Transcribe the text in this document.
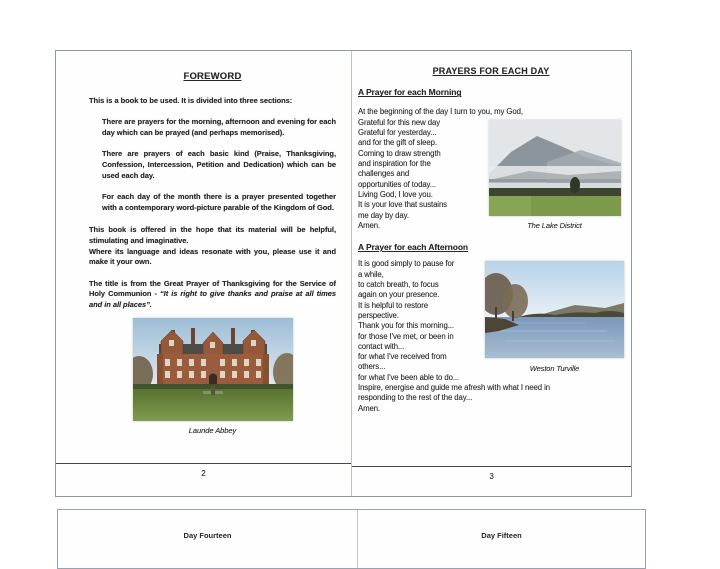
FOREWORD

This is a book to be used. It is divided into three sections:

There are prayers for the morning, afternoon and evening for each day which can be prayed (and perhaps memorised).

There are prayers of each basic kind (Praise, Thanksgiving, Confession, Intercession, Petition and Dedication) which can be used each day.

For each day of the month there is a prayer presented together with a contemporary word-picture parable of the Kingdom of God.

This book is offered in the hope that its material will be helpful, stimulating and imaginative.
Where its language and ideas resonate with you, please use it and make it your own.

The title is from the Great Prayer of Thanksgiving for the Service of Holy Communion - “It is right to give thanks and praise at all times and in all places”.

Launde Abbey
2
PRAYERS FOR EACH DAY
A Prayer for each Morning
At the beginning of the day I turn to you, my God,
Grateful for this new day
Grateful for yesterday...
and for the gift of sleep.
Coming to draw strength
and inspiration for the
challenges and
opportunities of today...
Living God, I love you.
It is your love that sustains
me day by day.
Amen.	The Lake District
A Prayer for each Afternoon
It is good simply to pause for
a while,
to catch breath, to focus
again on your presence.
It is helpful to restore
perspective.
Thank you for this morning...
for those I've met, or been in
contact with...
for what I've received from
others...	Weston Turville
for what I've been able to do...
Inspire, energise and guide me afresh with what I need in
responding to the rest of the day...
Amen.
3
Day Fourteen	Day Fifteen
